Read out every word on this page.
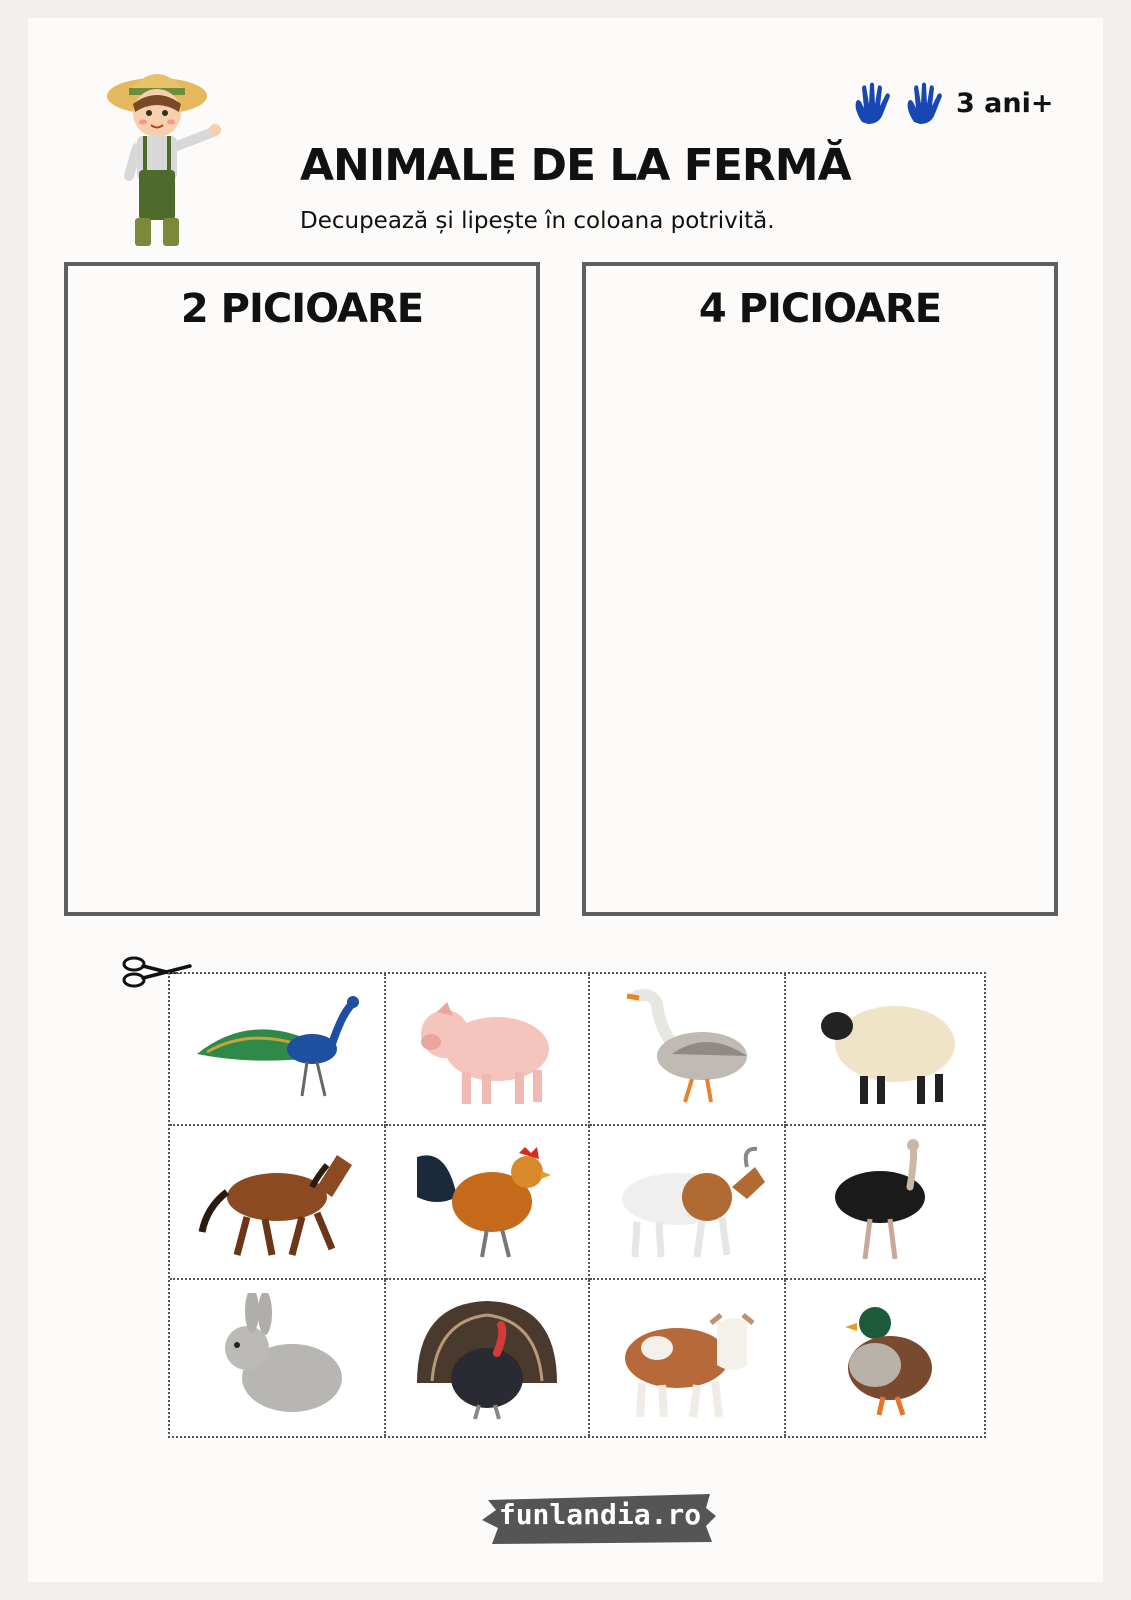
3 ani+
ANIMALE DE LA FERMĂ
Decupează și lipește în coloana potrivită.
2 PICIOARE	4 PICIOARE
funlandia.ro
